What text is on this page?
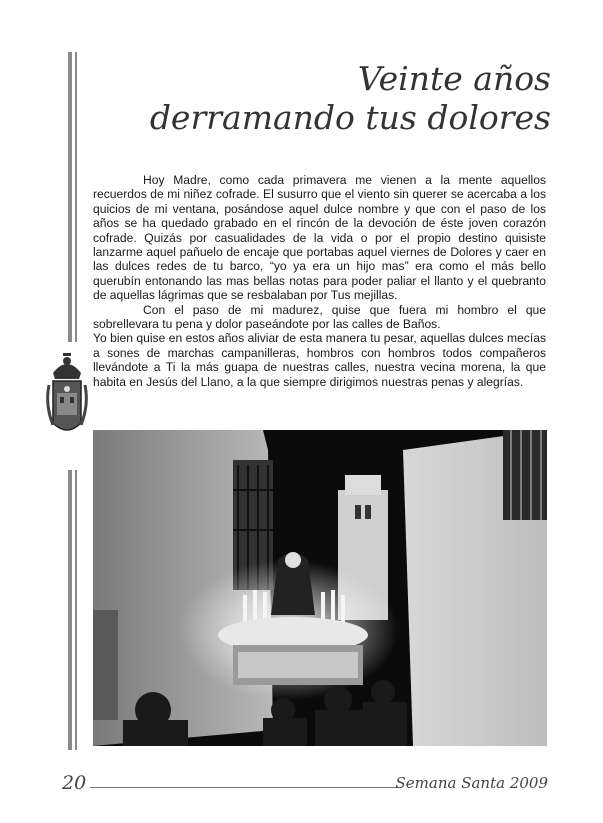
Veinte años
derramando tus dolores

Hoy Madre, como cada primavera me vienen a la mente aquellos recuerdos de mi niñez cofrade. El susurro que el viento sin querer se acercaba a los quicios de mi ventana, posándose aquel dulce nombre y que con el paso de los años se ha quedado grabado en el rincón de la devoción de éste joven corazón cofrade. Quizás por casualidades de la vida o por el propio destino quisiste lanzarme aquel pañuelo de encaje que portabas aquel viernes de Dolores y caer en las dulces redes de tu barco, “yo ya era un hijo mas” era como el más bello querubín entonando las mas bellas notas para poder paliar el llanto y el quebranto de aquellas lágrimas que se resbalaban por Tus mejillas.

Con el paso de mi madurez, quise que fuera mi hombro el que sobrellevara tu pena y dolor paseándote por las calles de Baños.

Yo bien quise en estos años aliviar de esta manera tu pesar, aquellas dulces mecías a sones de marchas campanilleras, hombros con hombros todos compañeros llevándote a Ti la más guapa de nuestras calles, nuestra vecina morena, la que habita en Jesús del Llano, a la que siempre dirigimos nuestras penas y alegrías.

20	Semana Santa 2009
